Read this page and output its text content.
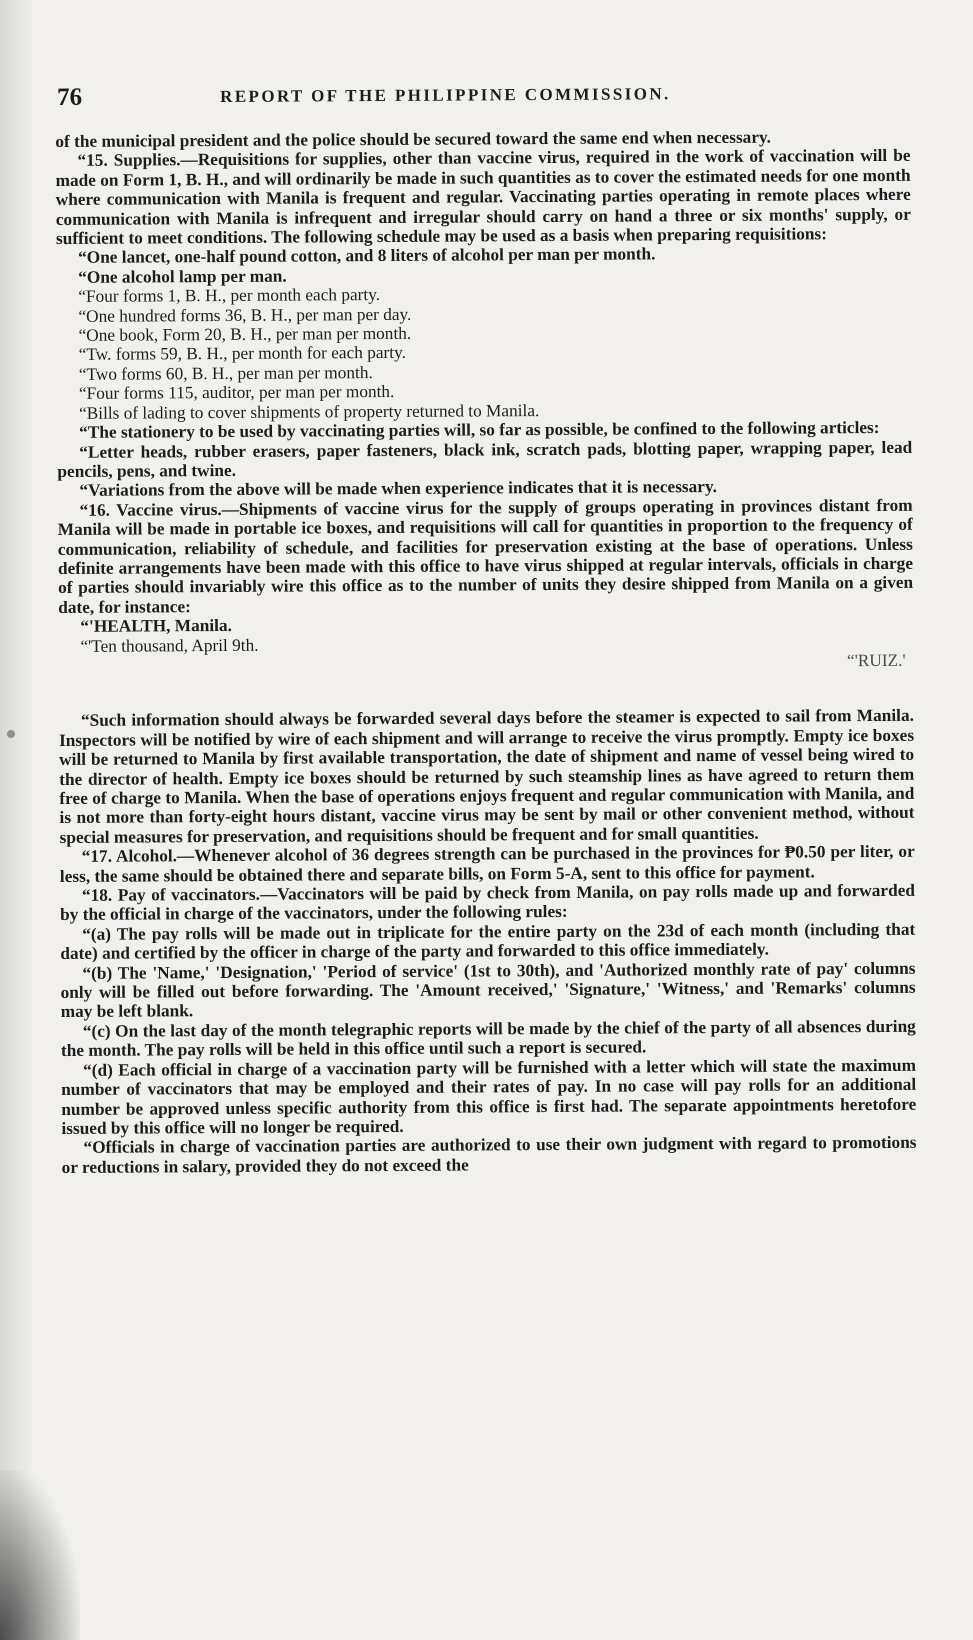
76	REPORT OF THE PHILIPPINE COMMISSION.

of the municipal president and the police should be secured toward the same end when necessary.

“15. Supplies.—Requisitions for supplies, other than vaccine virus, required in the work of vaccination will be made on Form 1, B. H., and will ordinarily be made in such quantities as to cover the estimated needs for one month where communication with Manila is frequent and regular. Vaccinating parties operating in remote places where communication with Manila is infrequent and irregular should carry on hand a three or six months' supply, or sufficient to meet conditions. The following schedule may be used as a basis when preparing requisitions:

“One lancet, one-half pound cotton, and 8 liters of alcohol per man per month.

“One alcohol lamp per man.

“Four forms 1, B. H., per month each party.

“One hundred forms 36, B. H., per man per day.

“One book, Form 20, B. H., per man per month.

“Tw. forms 59, B. H., per month for each party.

“Two forms 60, B. H., per man per month.

“Four forms 115, auditor, per man per month.

“Bills of lading to cover shipments of property returned to Manila.

“The stationery to be used by vaccinating parties will, so far as possible, be confined to the following articles:

“Letter heads, rubber erasers, paper fasteners, black ink, scratch pads, blotting paper, wrapping paper, lead pencils, pens, and twine.

“Variations from the above will be made when experience indicates that it is necessary.

“16. Vaccine virus.—Shipments of vaccine virus for the supply of groups operating in provinces distant from Manila will be made in portable ice boxes, and requisitions will call for quantities in proportion to the frequency of communication, reliability of schedule, and facilities for preservation existing at the base of operations. Unless definite arrangements have been made with this office to have virus shipped at regular intervals, officials in charge of parties should invariably wire this office as to the number of units they desire shipped from Manila on a given date, for instance:

“'HEALTH, Manila.

“'Ten thousand, April 9th.

“'RUIZ.'

“Such information should always be forwarded several days before the steamer is expected to sail from Manila. Inspectors will be notified by wire of each shipment and will arrange to receive the virus promptly. Empty ice boxes will be returned to Manila by first available transportation, the date of shipment and name of vessel being wired to the director of health. Empty ice boxes should be returned by such steamship lines as have agreed to return them free of charge to Manila. When the base of operations enjoys frequent and regular communication with Manila, and is not more than forty-eight hours distant, vaccine virus may be sent by mail or other convenient method, without special measures for preservation, and requisitions should be frequent and for small quantities.

“17. Alcohol.—Whenever alcohol of 36 degrees strength can be purchased in the provinces for ₱0.50 per liter, or less, the same should be obtained there and separate bills, on Form 5-A, sent to this office for payment.

“18. Pay of vaccinators.—Vaccinators will be paid by check from Manila, on pay rolls made up and forwarded by the official in charge of the vaccinators, under the following rules:

“(a) The pay rolls will be made out in triplicate for the entire party on the 23d of each month (including that date) and certified by the officer in charge of the party and forwarded to this office immediately.

“(b) The 'Name,' 'Designation,' 'Period of service' (1st to 30th), and 'Authorized monthly rate of pay' columns only will be filled out before forwarding. The 'Amount received,' 'Signature,' 'Witness,' and 'Remarks' columns may be left blank.

“(c) On the last day of the month telegraphic reports will be made by the chief of the party of all absences during the month. The pay rolls will be held in this office until such a report is secured.

“(d) Each official in charge of a vaccination party will be furnished with a letter which will state the maximum number of vaccinators that may be employed and their rates of pay. In no case will pay rolls for an additional number be approved unless specific authority from this office is first had. The separate appointments heretofore issued by this office will no longer be required.

“Officials in charge of vaccination parties are authorized to use their own judgment with regard to promotions or reductions in salary, provided they do not exceed the
